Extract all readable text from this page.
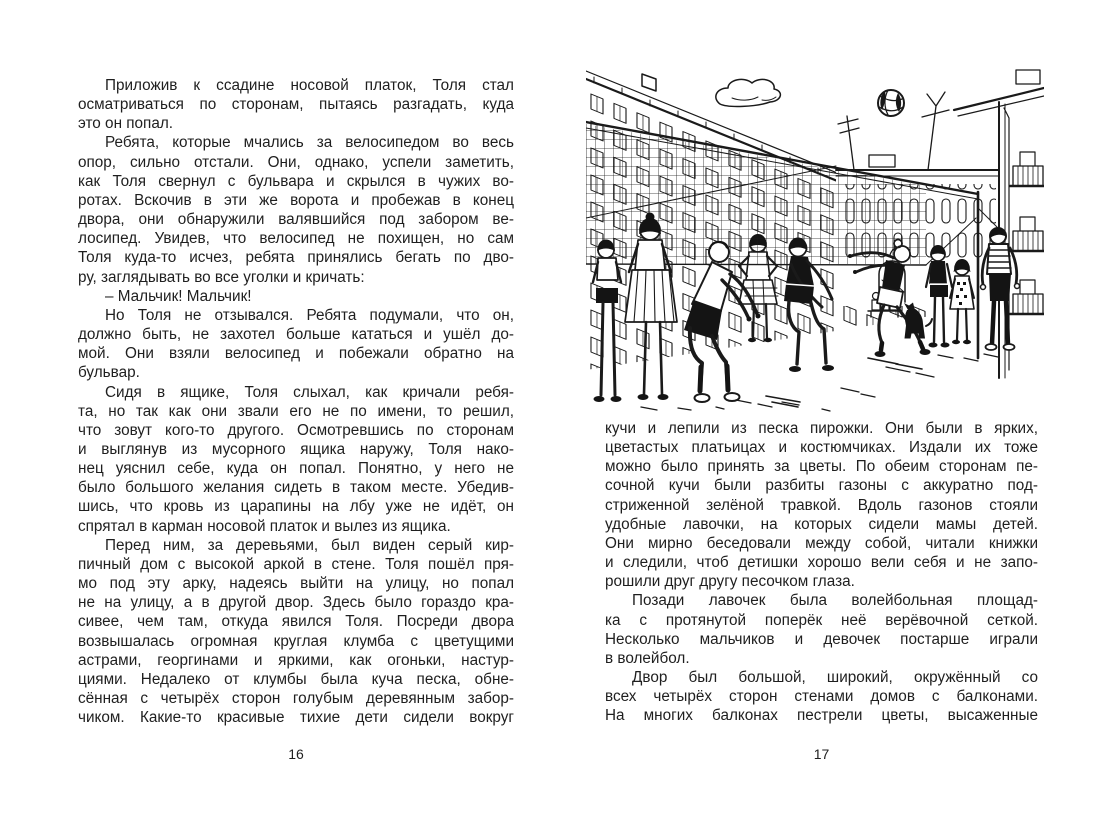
Приложив к ссадине носовой платок, Толя стал
осматриваться по сторонам, пытаясь разгадать, куда
это он попал.
Ребята, которые мчались за велосипедом во весь
опор, сильно отстали. Они, однако, успели заметить,
как Толя свернул с бульвара и скрылся в чужих во-
ротах. Вскочив в эти же ворота и пробежав в конец
двора, они обнаружили валявшийся под забором ве-
лосипед. Увидев, что велосипед не похищен, но сам
Толя куда-то исчез, ребята принялись бегать по дво-
ру, заглядывать во все уголки и кричать:
– Мальчик! Мальчик!
Но Толя не отзывался. Ребята подумали, что он,
должно быть, не захотел больше кататься и ушёл до-
мой. Они взяли велосипед и побежали обратно на
бульвар.
Сидя в ящике, Толя слыхал, как кричали ребя-
та, но так как они звали его не по имени, то решил,
что зовут кого-то другого. Осмотревшись по сторонам
и выглянув из мусорного ящика наружу, Толя нако-
нец уяснил себе, куда он попал. Понятно, у него не
было большого желания сидеть в таком месте. Убедив-
шись, что кровь из царапины на лбу уже не идёт, он
спрятал в карман носовой платок и вылез из ящика.
Перед ним, за деревьями, был виден серый кир-
пичный дом с высокой аркой в стене. Толя пошёл пря-
мо под эту арку, надеясь выйти на улицу, но попал
не на улицу, а в другой двор. Здесь было гораздо кра-
сивее, чем там, откуда явился Толя. Посреди двора
возвышалась огромная круглая клумба с цветущими
астрами, георгинами и яркими, как огоньки, настур-
циями. Недалеко от клумбы была куча песка, обне-
сённая с четырёх сторон голубым деревянным забор-
чиком. Какие-то красивые тихие дети сидели вокруг
16
кучи и лепили из песка пирожки. Они были в ярких,
цветастых платьицах и костюмчиках. Издали их тоже
можно было принять за цветы. По обеим сторонам пе-
сочной кучи были разбиты газоны с аккуратно под-
стриженной зелёной травкой. Вдоль газонов стояли
удобные лавочки, на которых сидели мамы детей.
Они мирно беседовали между собой, читали книжки
и следили, чтоб детишки хорошо вели себя и не запо-
рошили друг другу песочком глаза.
Позади лавочек была волейбольная площад-
ка с протянутой поперёк неё верёвочной сеткой.
Несколько мальчиков и девочек постарше играли
в волейбол.
Двор был большой, широкий, окружённый со
всех четырёх сторон стенами домов с балконами.
На многих балконах пестрели цветы, высаженные
17
